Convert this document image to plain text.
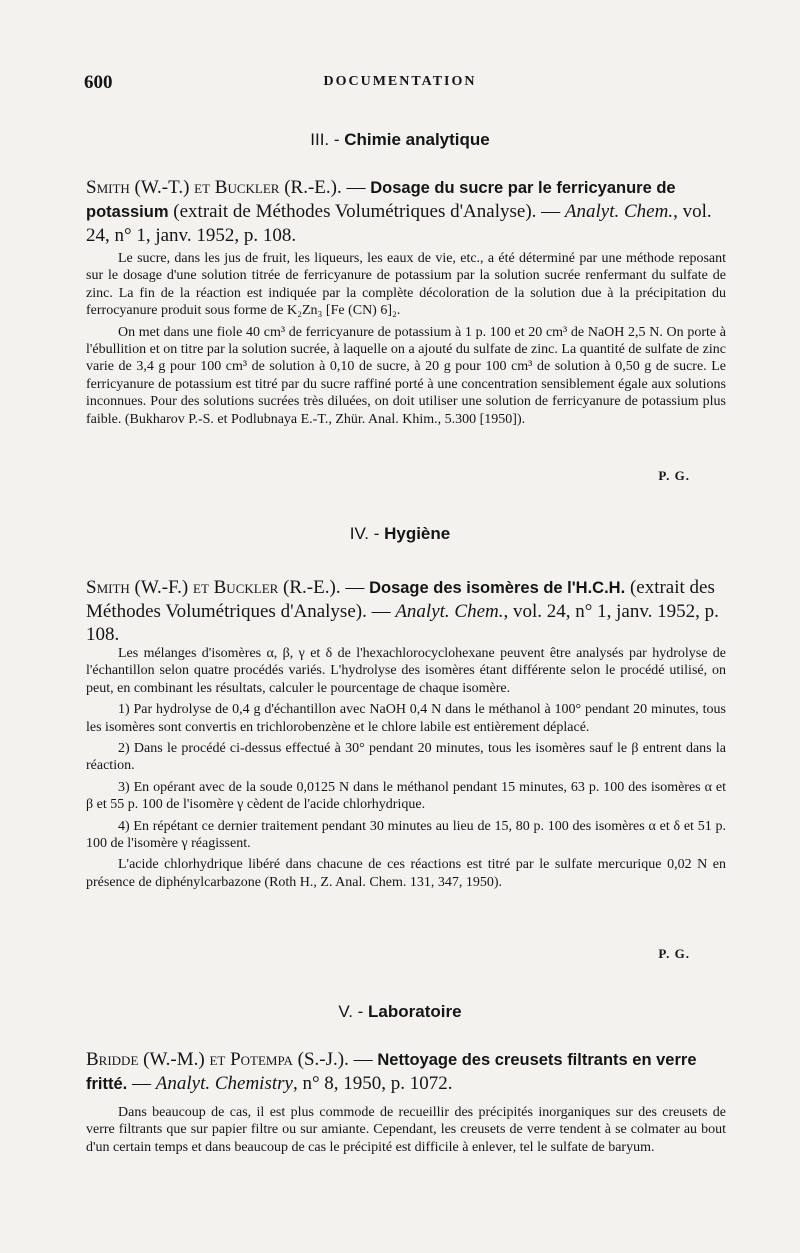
600	DOCUMENTATION
III. - Chimie analytique
Smith (W.-T.) et Buckler (R.-E.). — Dosage du sucre par le ferricyanure de potassium (extrait de Méthodes Volumétriques d'Analyse). — Analyt. Chem., vol. 24, n° 1, janv. 1952, p. 108.

Le sucre, dans les jus de fruit, les liqueurs, les eaux de vie, etc., a été déterminé par une méthode reposant sur le dosage d'une solution titrée de ferricyanure de potassium par la solution sucrée renfermant du sulfate de zinc. La fin de la réaction est indiquée par la complète décoloration de la solution due à la précipitation du ferrocyanure produit sous forme de K₂Zn₃ [Fe (CN) 6]₂.

On met dans une fiole 40 cm³ de ferricyanure de potassium à 1 p. 100 et 20 cm³ de NaOH 2,5 N. On porte à l'ébullition et on titre par la solution sucrée, à laquelle on a ajouté du sulfate de zinc. La quantité de sulfate de zinc varie de 3,4 g pour 100 cm³ de solution à 0,10 de sucre, à 20 g pour 100 cm³ de solution à 0,50 g de sucre. Le ferricyanure de potassium est titré par du sucre raffiné porté à une concentration sensiblement égale aux solutions inconnues. Pour des solutions sucrées très diluées, on doit utiliser une solution de ferricyanure de potassium plus faible. (Bukharov P.-S. et Podlubnaya E.-T., Zhür. Anal. Khim., 5.300 [1950]).

P. G.
IV. - Hygiène
Smith (W.-F.) et Buckler (R.-E.). — Dosage des isomères de l'H.C.H. (extrait des Méthodes Volumétriques d'Analyse). — Analyt. Chem., vol. 24, n° 1, janv. 1952, p. 108.

Les mélanges d'isomères α, β, γ et δ de l'hexachlorocyclohexane peuvent être analysés par hydrolyse de l'échantillon selon quatre procédés variés. L'hydrolyse des isomères étant différente selon le procédé utilisé, on peut, en combinant les résultats, calculer le pourcentage de chaque isomère.

1) Par hydrolyse de 0,4 g d'échantillon avec NaOH 0,4 N dans le méthanol à 100° pendant 20 minutes, tous les isomères sont convertis en trichlorobenzène et le chlore labile est entièrement déplacé.

2) Dans le procédé ci-dessus effectué à 30° pendant 20 minutes, tous les isomères sauf le β entrent dans la réaction.

3) En opérant avec de la soude 0,0125 N dans le méthanol pendant 15 minutes, 63 p. 100 des isomères α et β et 55 p. 100 de l'isomère γ cèdent de l'acide chlorhydrique.

4) En répétant ce dernier traitement pendant 30 minutes au lieu de 15, 80 p. 100 des isomères α et δ et 51 p. 100 de l'isomère γ réagissent.

L'acide chlorhydrique libéré dans chacune de ces réactions est titré par le sulfate mercurique 0,02 N en présence de diphénylcarbazone (Roth H., Z. Anal. Chem. 131, 347, 1950).

P. G.
V. - Laboratoire
Bridde (W.-M.) et Potempa (S.-J.). — Nettoyage des creusets filtrants en verre fritté. — Analyt. Chemistry, n° 8, 1950, p. 1072.

Dans beaucoup de cas, il est plus commode de recueillir des précipités inorganiques sur des creusets de verre filtrants que sur papier filtre ou sur amiante. Cependant, les creusets de verre tendent à se colmater au bout d'un certain temps et dans beaucoup de cas le précipité est difficile à enlever, tel le sulfate de baryum.
